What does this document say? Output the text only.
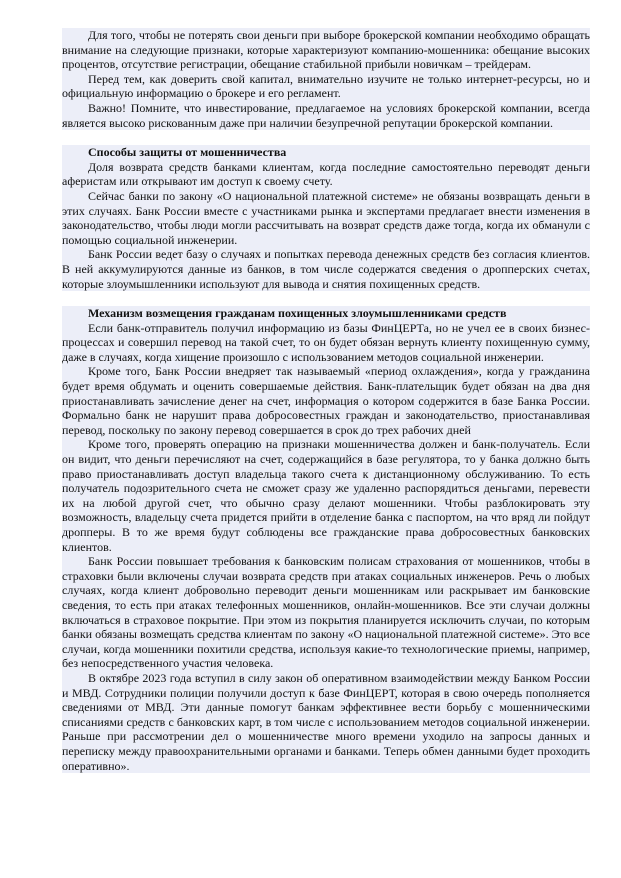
Для того, чтобы не потерять свои деньги при выборе брокерской компании необходимо обращать внимание на следующие признаки, которые характеризуют компанию-мошенника: обещание высоких процентов, отсутствие регистрации, обещание стабильной прибыли новичкам – трейдерам.

Перед тем, как доверить свой капитал, внимательно изучите не только интернет-ресурсы, но и официальную информацию о брокере и его регламент.

Важно! Помните, что инвестирование, предлагаемое на условиях брокерской компании, всегда является высоко рискованным даже при наличии безупречной репутации брокерской компании.

Способы защиты от мошенничества

Доля возврата средств банками клиентам, когда последние самостоятельно переводят деньги аферистам или открывают им доступ к своему счету.

Сейчас банки по закону «О национальной платежной системе» не обязаны возвращать деньги в этих случаях. Банк России вместе с участниками рынка и экспертами предлагает внести изменения в законодательство, чтобы люди могли рассчитывать на возврат средств даже тогда, когда их обманули с помощью социальной инженерии.

Банк России ведет базу о случаях и попытках перевода денежных средств без согласия клиентов. В ней аккумулируются данные из банков, в том числе содержатся сведения о дропперских счетах, которые злоумышленники используют для вывода и снятия похищенных средств.

Механизм возмещения гражданам похищенных злоумышленниками средств

Если банк-отправитель получил информацию из базы ФинЦЕРТа, но не учел ее в своих бизнес-процессах и совершил перевод на такой счет, то он будет обязан вернуть клиенту похищенную сумму, даже в случаях, когда хищение произошло с использованием методов социальной инженерии.

Кроме того, Банк России внедряет так называемый «период охлаждения», когда у гражданина будет время обдумать и оценить совершаемые действия. Банк-плательщик будет обязан на два дня приостанавливать зачисление денег на счет, информация о котором содержится в базе Банка России. Формально банк не нарушит права добросовестных граждан и законодательство, приостанавливая перевод, поскольку по закону перевод совершается в срок до трех рабочих дней

Кроме того, проверять операцию на признаки мошенничества должен и банк-получатель. Если он видит, что деньги перечисляют на счет, содержащийся в базе регулятора, то у банка должно быть право приостанавливать доступ владельца такого счета к дистанционному обслуживанию. То есть получатель подозрительного счета не сможет сразу же удаленно распорядиться деньгами, перевести их на любой другой счет, что обычно сразу делают мошенники. Чтобы разблокировать эту возможность, владельцу счета придется прийти в отделение банка с паспортом, на что вряд ли пойдут дропперы. В то же время будут соблюдены все гражданские права добросовестных банковских клиентов.

Банк России повышает требования к банковским полисам страхования от мошенников, чтобы в страховки были включены случаи возврата средств при атаках социальных инженеров. Речь о любых случаях, когда клиент добровольно переводит деньги мошенникам или раскрывает им банковские сведения, то есть при атаках телефонных мошенников, онлайн-мошенников. Все эти случаи должны включаться в страховое покрытие. При этом из покрытия планируется исключить случаи, по которым банки обязаны возмещать средства клиентам по закону «О национальной платежной системе». Это все случаи, когда мошенники похитили средства, используя какие-то технологические приемы, например, без непосредственного участия человека.

В октябре 2023 года вступил в силу закон об оперативном взаимодействии между Банком России и МВД. Сотрудники полиции получили доступ к базе ФинЦЕРТ, которая в свою очередь пополняется сведениями от МВД. Эти данные помогут банкам эффективнее вести борьбу с мошенническими списаниями средств с банковских карт, в том числе с использованием методов социальной инженерии. Раньше при рассмотрении дел о мошенничестве много времени уходило на запросы данных и переписку между правоохранительными органами и банками. Теперь обмен данными будет проходить оперативно».
